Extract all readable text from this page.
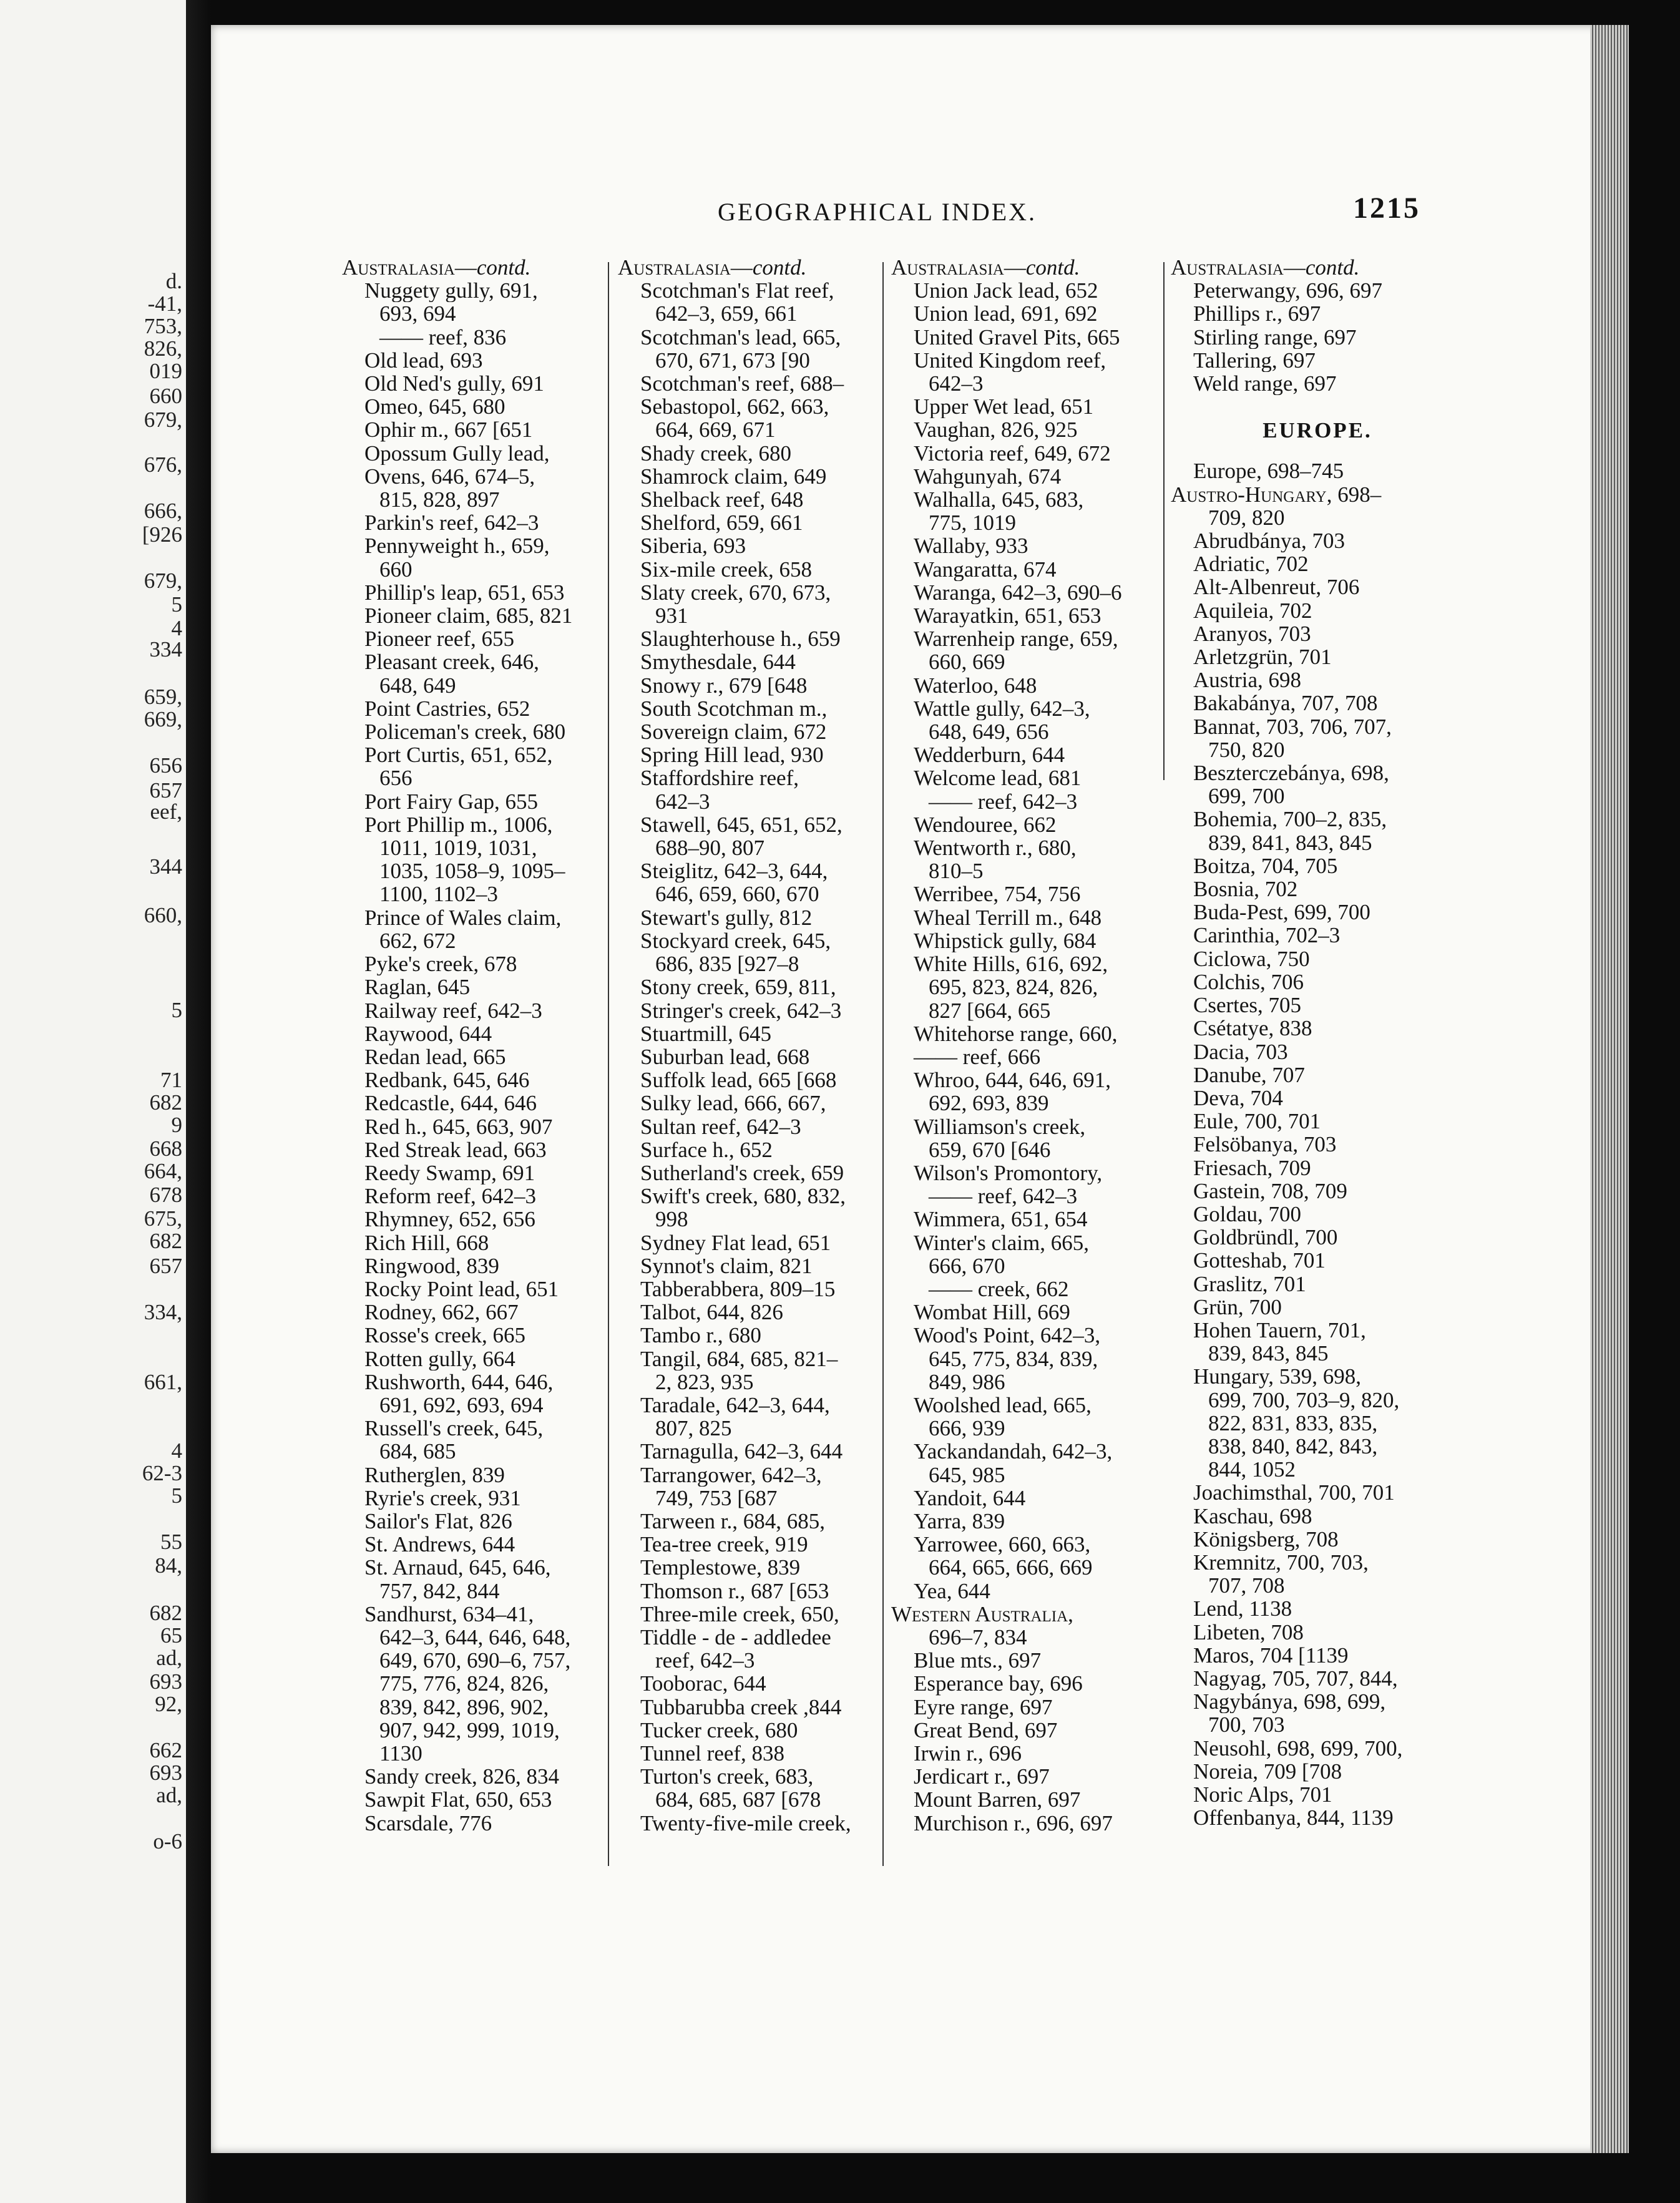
d.
-41,
753,
826,
019
660
679,
676,
666,
[926
679,
5
4
334
659,
669,
656
657
eef,
344
660,
5
71
682
9
668
664,
678
675,
682
657
334,
661,
4
62-3
5
55
84,
682
65
ad,
693
92,
662
693
ad,
o-6
GEOGRAPHICAL INDEX.	1215
Australasia—contd.
Nuggety gully, 691,
693, 694
—— reef, 836
Old lead, 693
Old Ned's gully, 691
Omeo, 645, 680
Ophir m., 667 [651
Opossum Gully lead,
Ovens, 646, 674–5,
815, 828, 897
Parkin's reef, 642–3
Pennyweight h., 659,
660
Phillip's leap, 651, 653
Pioneer claim, 685, 821
Pioneer reef, 655
Pleasant creek, 646,
648, 649
Point Castries, 652
Policeman's creek, 680
Port Curtis, 651, 652,
656
Port Fairy Gap, 655
Port Phillip m., 1006,
1011, 1019, 1031,
1035, 1058–9, 1095–
1100, 1102–3
Prince of Wales claim,
662, 672
Pyke's creek, 678
Raglan, 645
Railway reef, 642–3
Raywood, 644
Redan lead, 665
Redbank, 645, 646
Redcastle, 644, 646
Red h., 645, 663, 907
Red Streak lead, 663
Reedy Swamp, 691
Reform reef, 642–3
Rhymney, 652, 656
Rich Hill, 668
Ringwood, 839
Rocky Point lead, 651
Rodney, 662, 667
Rosse's creek, 665
Rotten gully, 664
Rushworth, 644, 646,
691, 692, 693, 694
Russell's creek, 645,
684, 685
Rutherglen, 839
Ryrie's creek, 931
Sailor's Flat, 826
St. Andrews, 644
St. Arnaud, 645, 646,
757, 842, 844
Sandhurst, 634–41,
642–3, 644, 646, 648,
649, 670, 690–6, 757,
775, 776, 824, 826,
839, 842, 896, 902,
907, 942, 999, 1019,
1130
Sandy creek, 826, 834
Sawpit Flat, 650, 653
Scarsdale, 776
Australasia—contd.
Scotchman's Flat reef,
642–3, 659, 661
Scotchman's lead, 665,
670, 671, 673 [90
Scotchman's reef, 688–
Sebastopol, 662, 663,
664, 669, 671
Shady creek, 680
Shamrock claim, 649
Shelback reef, 648
Shelford, 659, 661
Siberia, 693
Six-mile creek, 658
Slaty creek, 670, 673,
931
Slaughterhouse h., 659
Smythesdale, 644
Snowy r., 679 [648
South Scotchman m.,
Sovereign claim, 672
Spring Hill lead, 930
Staffordshire reef,
642–3
Stawell, 645, 651, 652,
688–90, 807
Steiglitz, 642–3, 644,
646, 659, 660, 670
Stewart's gully, 812
Stockyard creek, 645,
686, 835 [927–8
Stony creek, 659, 811,
Stringer's creek, 642–3
Stuartmill, 645
Suburban lead, 668
Suffolk lead, 665 [668
Sulky lead, 666, 667,
Sultan reef, 642–3
Surface h., 652
Sutherland's creek, 659
Swift's creek, 680, 832,
998
Sydney Flat lead, 651
Synnot's claim, 821
Tabberabbera, 809–15
Talbot, 644, 826
Tambo r., 680
Tangil, 684, 685, 821–
2, 823, 935
Taradale, 642–3, 644,
807, 825
Tarnagulla, 642–3, 644
Tarrangower, 642–3,
749, 753 [687
Tarween r., 684, 685,
Tea-tree creek, 919
Templestowe, 839
Thomson r., 687 [653
Three-mile creek, 650,
Tiddle - de - addledee
reef, 642–3
Tooborac, 644
Tubbarubba creek ,844
Tucker creek, 680
Tunnel reef, 838
Turton's creek, 683,
684, 685, 687 [678
Twenty-five-mile creek,
Australasia—contd.
Union Jack lead, 652
Union lead, 691, 692
United Gravel Pits, 665
United Kingdom reef,
642–3
Upper Wet lead, 651
Vaughan, 826, 925
Victoria reef, 649, 672
Wahgunyah, 674
Walhalla, 645, 683,
775, 1019
Wallaby, 933
Wangaratta, 674
Waranga, 642–3, 690–6
Warayatkin, 651, 653
Warrenheip range, 659,
660, 669
Waterloo, 648
Wattle gully, 642–3,
648, 649, 656
Wedderburn, 644
Welcome lead, 681
—— reef, 642–3
Wendouree, 662
Wentworth r., 680,
810–5
Werribee, 754, 756
Wheal Terrill m., 648
Whipstick gully, 684
White Hills, 616, 692,
695, 823, 824, 826,
827 [664, 665
Whitehorse range, 660,
—— reef, 666
Whroo, 644, 646, 691,
692, 693, 839
Williamson's creek,
659, 670 [646
Wilson's Promontory,
—— reef, 642–3
Wimmera, 651, 654
Winter's claim, 665,
666, 670
—— creek, 662
Wombat Hill, 669
Wood's Point, 642–3,
645, 775, 834, 839,
849, 986
Woolshed lead, 665,
666, 939
Yackandandah, 642–3,
645, 985
Yandoit, 644
Yarra, 839
Yarrowee, 660, 663,
664, 665, 666, 669
Yea, 644
Western Australia,
696–7, 834
Blue mts., 697
Esperance bay, 696
Eyre range, 697
Great Bend, 697
Irwin r., 696
Jerdicart r., 697
Mount Barren, 697
Murchison r., 696, 697
Australasia—contd.
Peterwangy, 696, 697
Phillips r., 697
Stirling range, 697
Tallering, 697
Weld range, 697
EUROPE.
Europe, 698–745
Austro-Hungary, 698–
709, 820
Abrudbánya, 703
Adriatic, 702
Alt-Albenreut, 706
Aquileia, 702
Aranyos, 703
Arletzgrün, 701
Austria, 698
Bakabánya, 707, 708
Bannat, 703, 706, 707,
750, 820
Beszterczebánya, 698,
699, 700
Bohemia, 700–2, 835,
839, 841, 843, 845
Boitza, 704, 705
Bosnia, 702
Buda-Pest, 699, 700
Carinthia, 702–3
Ciclowa, 750
Colchis, 706
Csertes, 705
Csétatye, 838
Dacia, 703
Danube, 707
Deva, 704
Eule, 700, 701
Felsöbanya, 703
Friesach, 709
Gastein, 708, 709
Goldau, 700
Goldbründl, 700
Gotteshab, 701
Graslitz, 701
Grün, 700
Hohen Tauern, 701,
839, 843, 845
Hungary, 539, 698,
699, 700, 703–9, 820,
822, 831, 833, 835,
838, 840, 842, 843,
844, 1052
Joachimsthal, 700, 701
Kaschau, 698
Königsberg, 708
Kremnitz, 700, 703,
707, 708
Lend, 1138
Libeten, 708
Maros, 704 [1139
Nagyag, 705, 707, 844,
Nagybánya, 698, 699,
700, 703
Neusohl, 698, 699, 700,
Noreia, 709 [708
Noric Alps, 701
Offenbanya, 844, 1139
